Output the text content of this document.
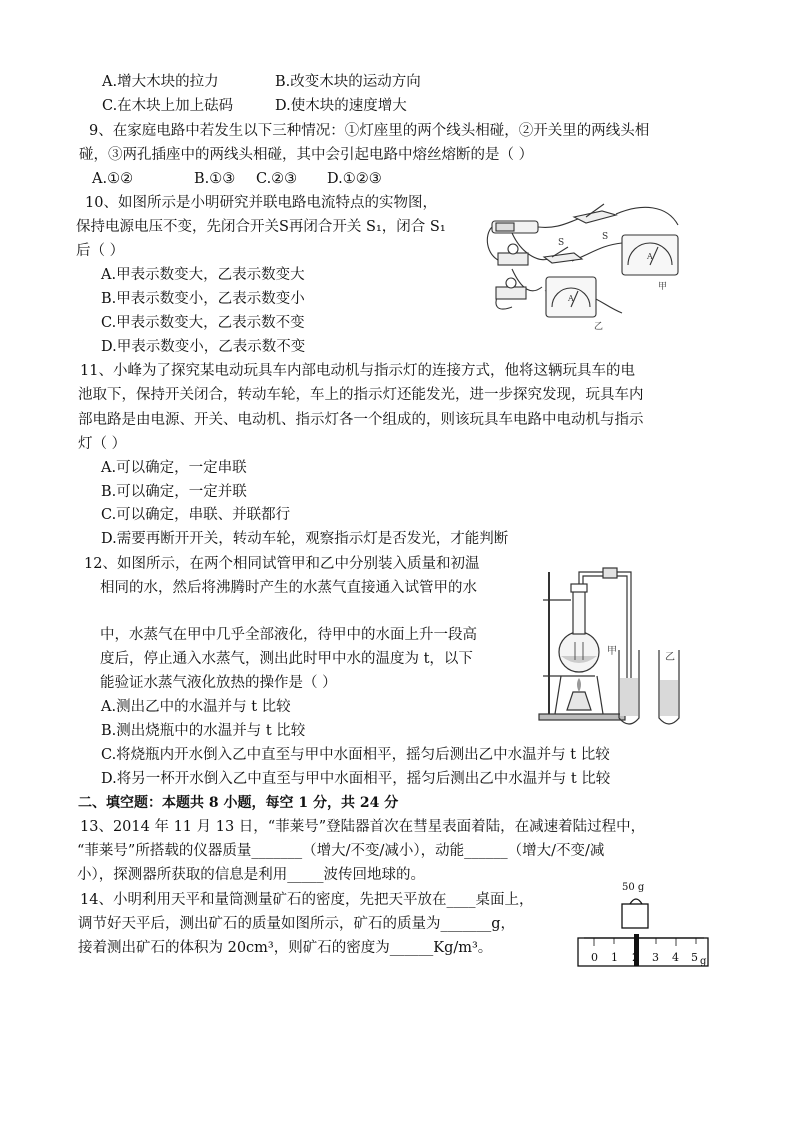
A.增大木块的拉力	B.改变木块的运动方向
C.在木块上加上砝码	D.使木块的速度增大
9、在家庭电路中若发生以下三种情况：①灯座里的两个线头相碰，②开关里的两线头相
碰，③两孔插座中的两线头相碰，其中会引起电路中熔丝熔断的是（ ）
A.①②	B.①③ C.②③ D.①②③
10、如图所示是小明研究并联电路电流特点的实物图，
保持电源电压不变，先闭合开关S再闭合开关 S₁，闭合 S₁
后（ ）
A.甲表示数变大，乙表示数变大
B.甲表示数变小，乙表示数变小
C.甲表示数变大，乙表示数不变
D.甲表示数变小，乙表示数不变
S
S
A
A
甲
乙
11、小峰为了探究某电动玩具车内部电动机与指示灯的连接方式，他将这辆玩具车的电
池取下，保持开关闭合，转动车轮，车上的指示灯还能发光，进一步探究发现，玩具车内
部电路是由电源、开关、电动机、指示灯各一个组成的，则该玩具车电路中电动机与指示
灯（ ）
A.可以确定，一定串联
B.可以确定，一定并联
C.可以确定，串联、并联都行
D.需要再断开开关，转动车轮，观察指示灯是否发光，才能判断
12、如图所示，在两个相同试管甲和乙中分别装入质量和初温
相同的水，然后将沸腾时产生的水蒸气直接通入试管甲的水
中，水蒸气在甲中几乎全部液化，待甲中的水面上升一段高
度后，停止通入水蒸气，测出此时甲中水的温度为 t，以下
能验证水蒸气液化放热的操作是（ ）
A.测出乙中的水温并与 t 比较
B.测出烧瓶中的水温并与 t 比较
C.将烧瓶内开水倒入乙中直至与甲中水面相平，摇匀后测出乙中水温并与 t 比较
D.将另一杯开水倒入乙中直至与甲中水面相平，摇匀后测出乙中水温并与 t 比较
甲
乙
二、填空题：本题共 8 小题，每空 1 分，共 24 分
13、2014 年 11 月 13 日，“菲莱号”登陆器首次在彗星表面着陆，在减速着陆过程中，
“菲莱号”所搭载的仪器质量_______（增大/不变/减小），动能______（增大/不变/减
小），探测器所获取的信息是利用_____波传回地球的。
14、小明利用天平和量筒测量矿石的密度，先把天平放在____桌面上，
调节好天平后，测出矿石的质量如图所示，矿石的质量为_______g，
接着测出矿石的体积为 20cm³，则矿石的密度为______Kg/m³。
50 g
0 1 2 3 4 5 g
